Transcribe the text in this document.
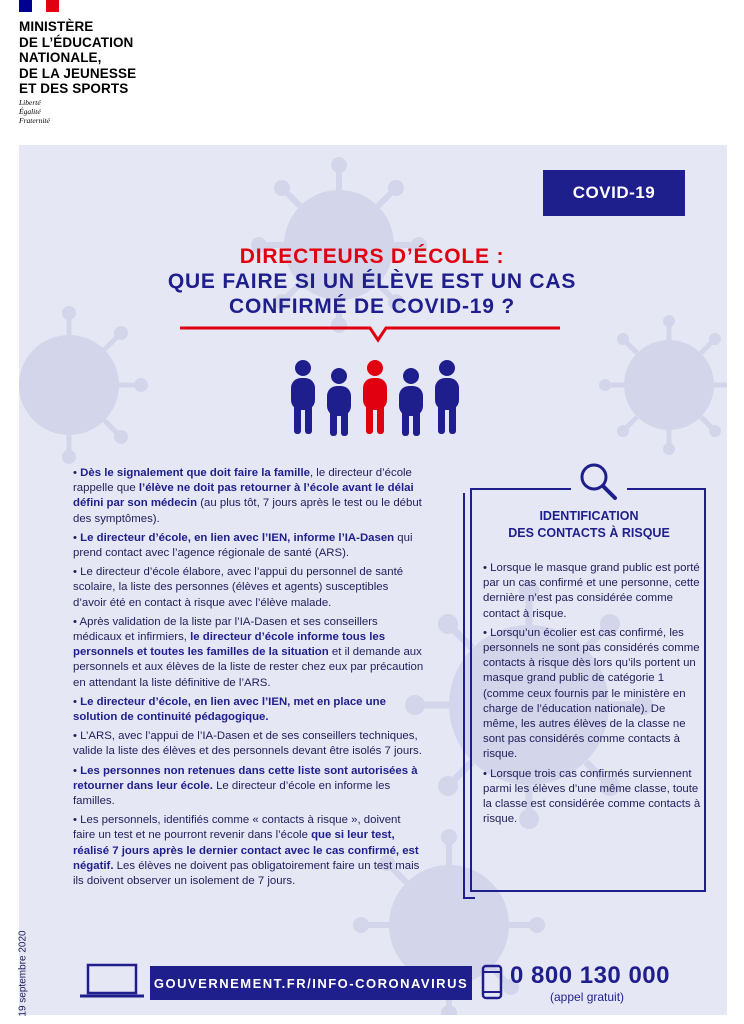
MINISTÈRE
DE L’ÉDUCATION
NATIONALE,
DE LA JEUNESSE
ET DES SPORTS
Liberté
Égalité
Fraternité
COVID-19
DIRECTEURS D’ÉCOLE :
QUE FAIRE SI UN ÉLÈVE EST UN CAS
CONFIRMÉ DE COVID-19 ?

• Dès le signalement que doit faire la famille, le directeur d’école rappelle que l’élève ne doit pas retourner à l’école avant le délai défini par son médecin (au plus tôt, 7 jours après le test ou le début des symptômes).

• Le directeur d’école, en lien avec l’IEN, informe l’IA-Dasen qui prend contact avec l’agence régionale de santé (ARS).

• Le directeur d’école élabore, avec l’appui du personnel de santé scolaire, la liste des personnes (élèves et agents) susceptibles d’avoir été en contact à risque avec l’élève malade.

• Après validation de la liste par l’IA-Dasen et ses conseillers médicaux et infirmiers, le directeur d’école informe tous les personnels et toutes les familles de la situation et il demande aux personnels et aux élèves de la liste de rester chez eux par précaution en attendant la liste définitive de l’ARS.

• Le directeur d’école, en lien avec l’IEN, met en place une solution de continuité pédagogique.

• L’ARS, avec l’appui de l’IA-Dasen et de ses conseillers techniques, valide la liste des élèves et des personnels devant être isolés 7 jours.

• Les personnes non retenues dans cette liste sont autorisées à retourner dans leur école. Le directeur d’école en informe les familles.

• Les personnels, identifiés comme « contacts à risque », doivent faire un test et ne pourront revenir dans l’école que si leur test, réalisé 7 jours après le dernier contact avec le cas confirmé, est négatif. Les élèves ne doivent pas obligatoirement faire un test mais ils doivent observer un isolement de 7 jours.

IDENTIFICATION
DES CONTACTS À RISQUE

• Lorsque le masque grand public est porté par un cas confirmé et une personne, cette dernière n’est pas considérée comme contact à risque.

• Lorsqu’un écolier est cas confirmé, les personnels ne sont pas considérés comme contacts à risque dès lors qu’ils portent un masque grand public de catégorie 1 (comme ceux fournis par le ministère en charge de l’éducation nationale). De même, les autres élèves de la classe ne sont pas considérés comme contacts à risque.

• Lorsque trois cas confirmés surviennent parmi les élèves d’une même classe, toute la classe est considérée comme contacts à risque.

19 septembre 2020	GOUVERNEMENT.FR/INFO-CORONAVIRUS 0 800 130 000
(appel gratuit)
